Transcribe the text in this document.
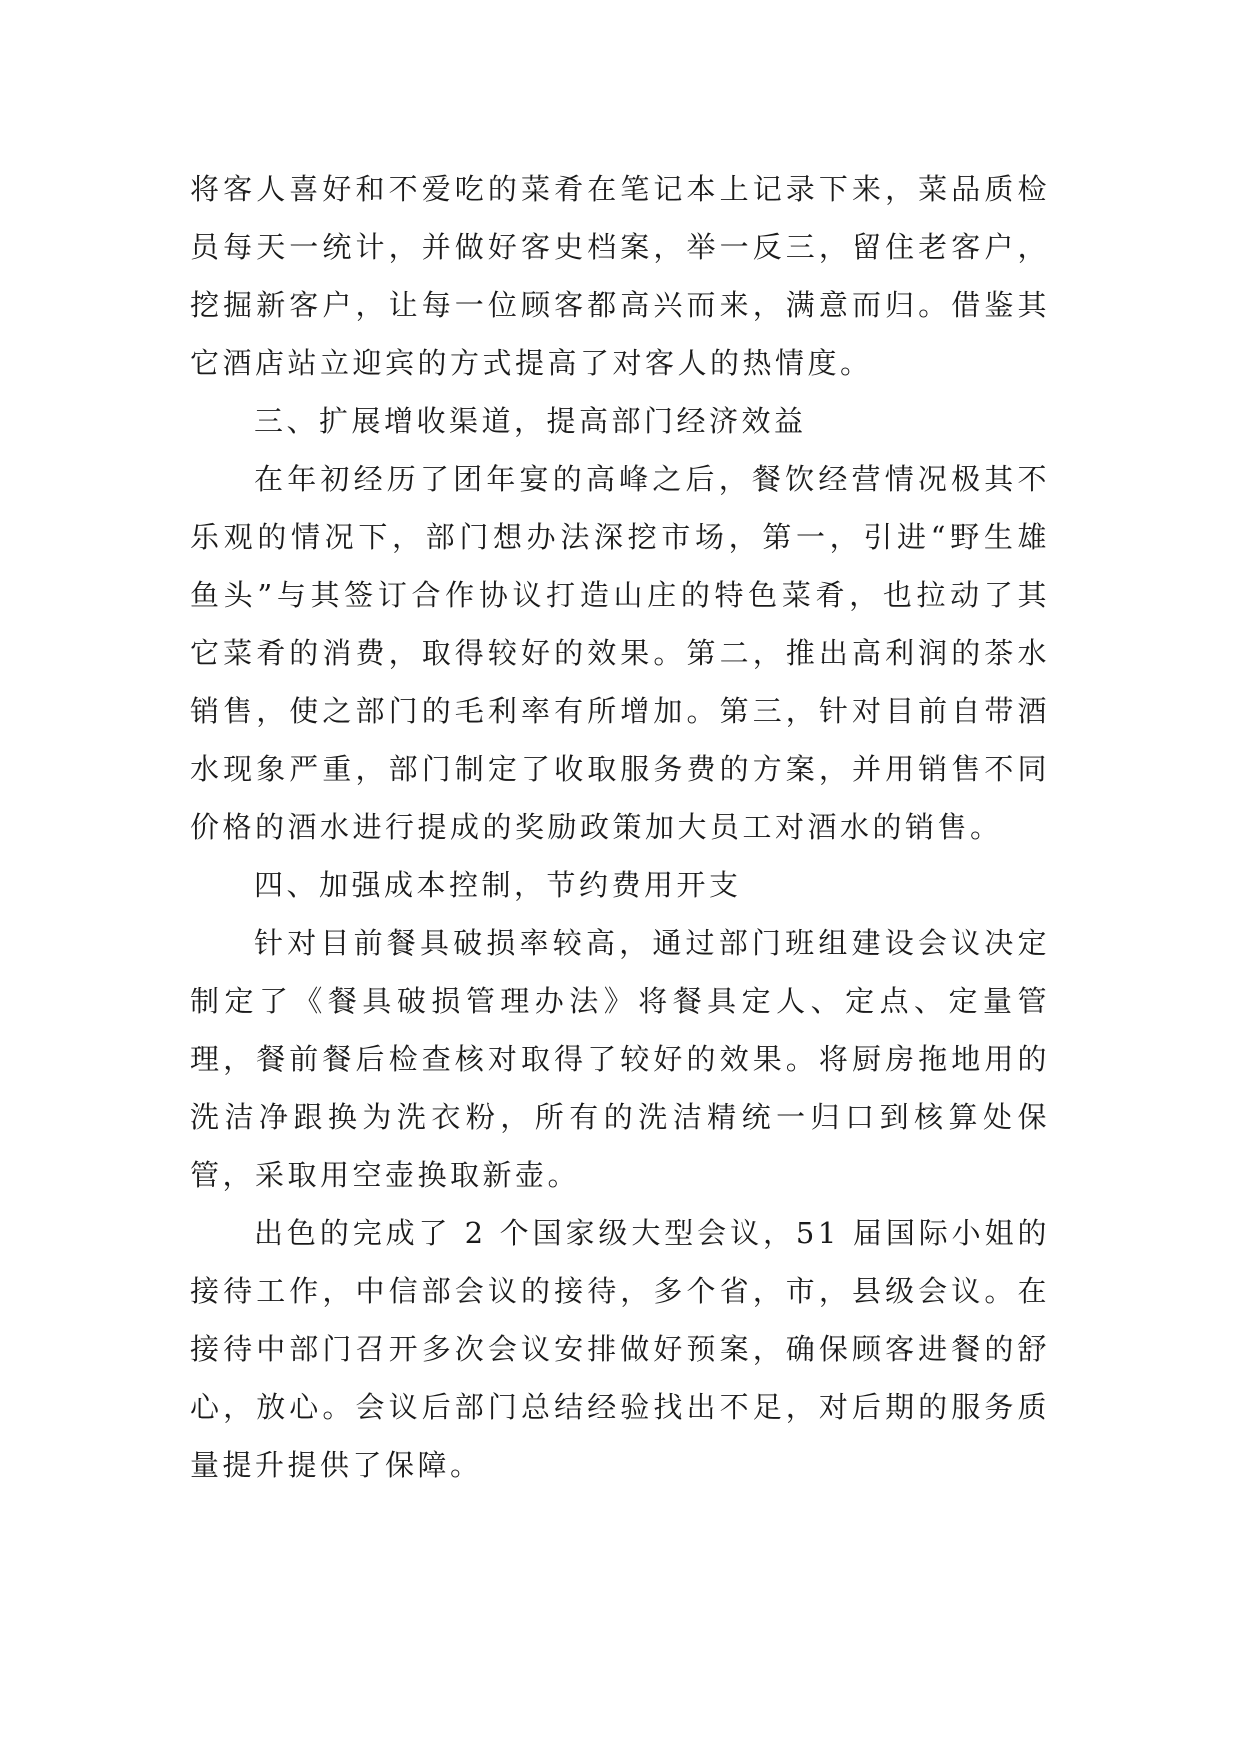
将客人喜好和不爱吃的菜肴在笔记本上记录下来，菜品质检员每天一统计，并做好客史档案，举一反三，留住老客户，挖掘新客户，让每一位顾客都高兴而来，满意而归。借鉴其它酒店站立迎宾的方式提高了对客人的热情度。

三、扩展增收渠道，提高部门经济效益

在年初经历了团年宴的高峰之后，餐饮经营情况极其不乐观的情况下，部门想办法深挖市场，第一，引进“野生雄鱼头”与其签订合作协议打造山庄的特色菜肴，也拉动了其它菜肴的消费，取得较好的效果。第二，推出高利润的茶水销售，使之部门的毛利率有所增加。第三，针对目前自带酒水现象严重，部门制定了收取服务费的方案，并用销售不同价格的酒水进行提成的奖励政策加大员工对酒水的销售。

四、加强成本控制，节约费用开支

针对目前餐具破损率较高，通过部门班组建设会议决定制定了《餐具破损管理办法》将餐具定人、定点、定量管理，餐前餐后检查核对取得了较好的效果。将厨房拖地用的洗洁净跟换为洗衣粉，所有的洗洁精统一归口到核算处保管，采取用空壶换取新壶。

出色的完成了 2 个国家级大型会议，51 届国际小姐的接待工作，中信部会议的接待，多个省，市，县级会议。在接待中部门召开多次会议安排做好预案，确保顾客进餐的舒心，放心。会议后部门总结经验找出不足，对后期的服务质量提升提供了保障。
